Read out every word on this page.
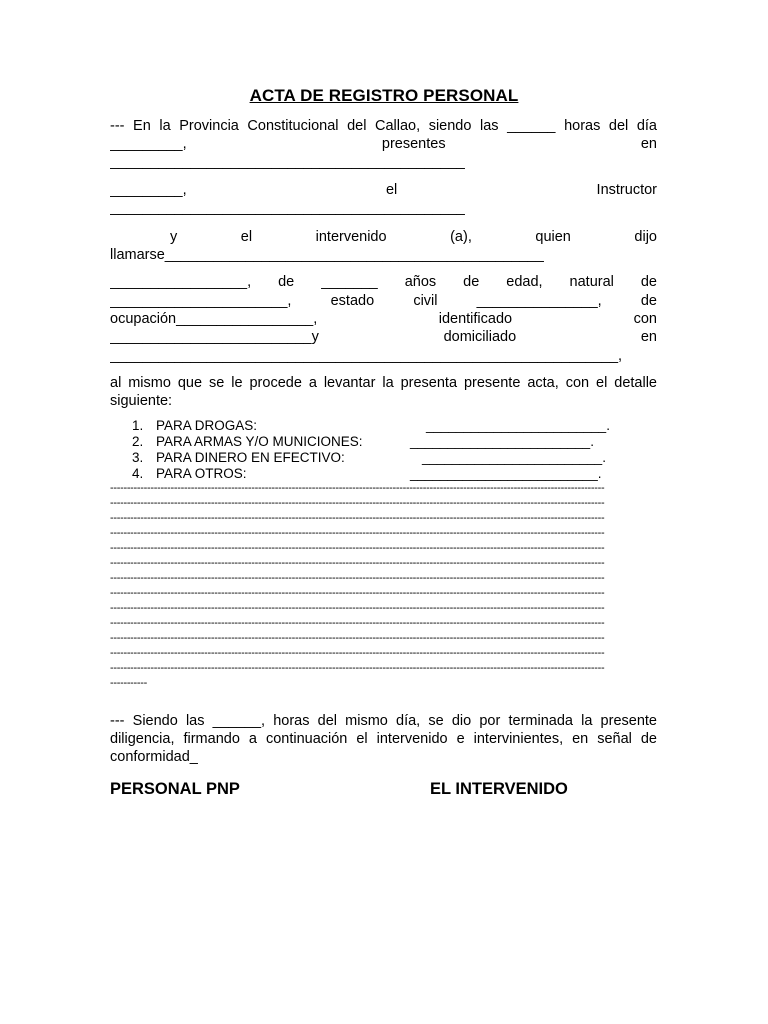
ACTA DE REGISTRO PERSONAL
--- En la Provincia Constitucional del Callao, siendo las ______ horas del día
_________, presentes en
____________________________________________
_________, el Instructor
____________________________________________
y el intervenido (a), quien dijo
llamarse_______________________________________________
_________________, de _______ años de edad, natural de
______________________, estado civil _______________, de
ocupación_________________, identificado con
_________________________y domiciliado en
_______________________________________________________________,
al mismo que se le procede a levantar la presenta presente acta, con el detalle
siguiente:
1. PARA DROGAS:	________________________.
2. PARA ARMAS Y/O MUNICIONES:	________________________.
3. PARA DINERO EN EFECTIVO:	________________________.
4. PARA OTROS:	_________________________.
---------------------------------------------------------------------------------------------------------------------------------------------------
---------------------------------------------------------------------------------------------------------------------------------------------------
---------------------------------------------------------------------------------------------------------------------------------------------------
---------------------------------------------------------------------------------------------------------------------------------------------------
---------------------------------------------------------------------------------------------------------------------------------------------------
---------------------------------------------------------------------------------------------------------------------------------------------------
---------------------------------------------------------------------------------------------------------------------------------------------------
---------------------------------------------------------------------------------------------------------------------------------------------------
---------------------------------------------------------------------------------------------------------------------------------------------------
---------------------------------------------------------------------------------------------------------------------------------------------------
---------------------------------------------------------------------------------------------------------------------------------------------------
---------------------------------------------------------------------------------------------------------------------------------------------------
---------------------------------------------------------------------------------------------------------------------------------------------------
-----------
--- Siendo las ______, horas del mismo día, se dio por terminada la presente
diligencia, firmando a continuación el intervenido e intervinientes, en señal de
conformidad_
PERSONAL PNP	EL INTERVENIDO
